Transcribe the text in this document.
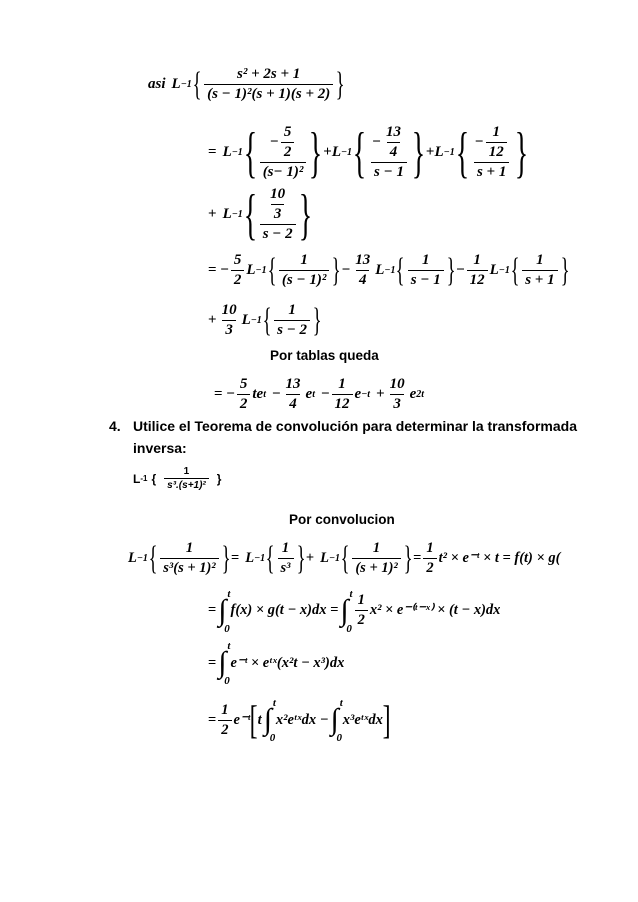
asi L −1 { $\frac{\text{s² + 2s + 1}}{\text{(s − 1)²(s + 1)(s + 2)}}$ }
= L −1 { $\frac{- \frac{5}{2}}{\text{(s− 1)²}}$ } + L −1 { $\frac{- \frac{13}{4}}{s - 1}$ } + L −1 { $\frac{- \frac{1}{12}}{s + 1}$ }
+ L −1 { $\frac{\frac{10}{3}}{s - 2}$ }
= − $\frac{5}{2}$ L −1 { $\frac{1}{\text{(s − 1)²}}$ } − $\frac{13}{4}$ L −1 { $\frac{1}{s - 1}$ } − $\frac{1}{12}$ L −1 { $\frac{1}{s + 1}$ }
+ $\frac{10}{3}$ L −1 { $\frac{1}{s - 2}$ }
Por tablas queda
= − $\frac{5}{2}$ te $t - \frac{13}{4}$ e $t - \frac{1}{12}$ $e -t + \frac{10}{3}$ e 2t
4. Utilice el Teorema de convolución para determinar la transformada
inversa:
L -1 { $\frac{1}{\text{s³.(s+1)²}}$ }
Por convolucion
L −1 { $\frac{1}{\text{s³(s + 1)²}}$ } = L −1 { $\frac{1}{\text{s³}}$ } + L −1 { $\frac{1}{\text{(s + 1)²}}$ } = $\frac{1}{2} t^2$ × e⁻ᵗ × t = f(t) × g(
= ∫
0
t
f(x) × g(t − x)dx = ∫
0
t $\frac{1}{2} x^2$ × e⁻⁽ᵗ⁻ˣ⁾ × (t − x)dx
= ∫
0
t
e⁻ᵗ × eᵗˣ(x²t − x³)dx
= $\frac{1}{2}$ e⁻ᵗ [ t ∫
0
t
x²eᵗˣdx − ∫
0
t
x³eᵗˣdx ]
